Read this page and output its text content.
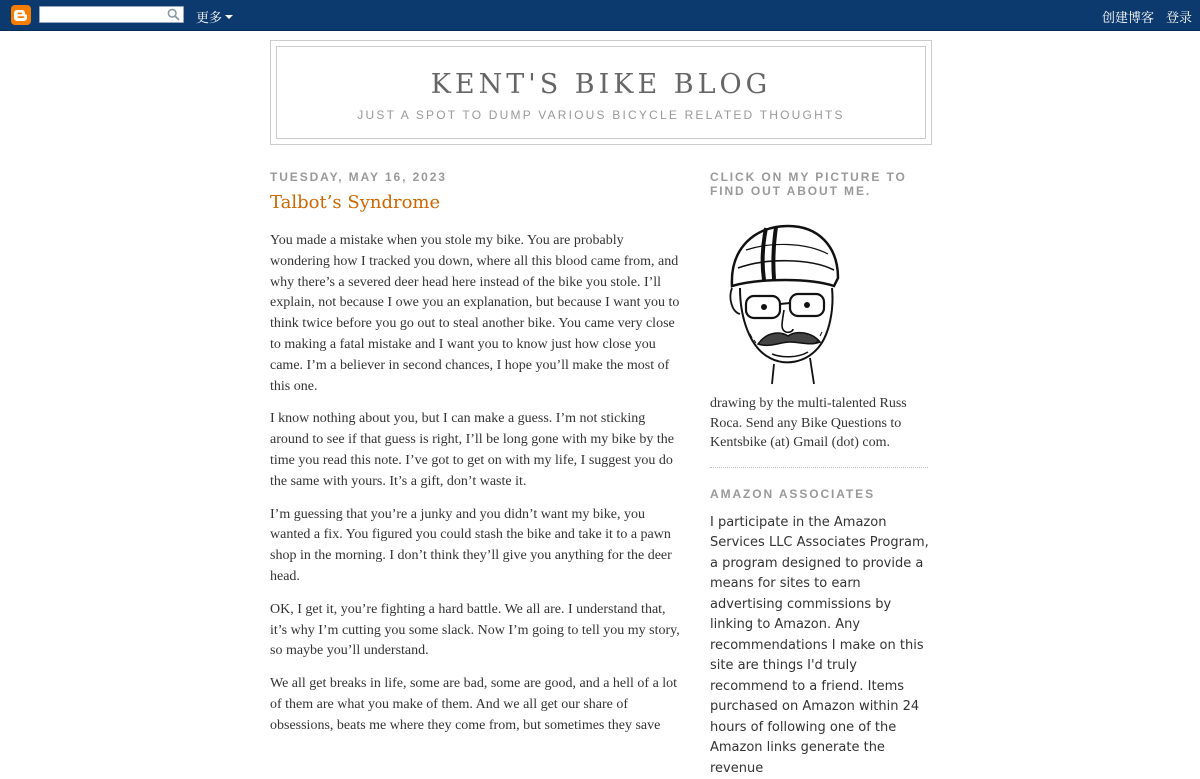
更多	创建博客 登录
KENT'S BIKE BLOG
JUST A SPOT TO DUMP VARIOUS BICYCLE RELATED THOUGHTS
TUESDAY, MAY 16, 2023
Talbot’s Syndrome

You made a mistake when you stole my bike. You are probably wondering how I tracked you down, where all this blood came from, and why there’s a severed deer head here instead of the bike you stole. I’ll explain, not because I owe you an explanation, but because I want you to think twice before you go out to steal another bike. You came very close to making a fatal mistake and I want you to know just how close you came. I’m a believer in second chances, I hope you’ll make the most of this one.

I know nothing about you, but I can make a guess. I’m not sticking around to see if that guess is right, I’ll be long gone with my bike by the time you read this note. I’ve got to get on with my life, I suggest you do the same with yours. It’s a gift, don’t waste it.

I’m guessing that you’re a junky and you didn’t want my bike, you wanted a fix. You figured you could stash the bike and take it to a pawn shop in the morning. I don’t think they’ll give you anything for the deer head.

OK, I get it, you’re fighting a hard battle. We all are. I understand that, it’s why I’m cutting you some slack. Now I’m going to tell you my story, so maybe you’ll understand.

We all get breaks in life, some are bad, some are good, and a hell of a lot of them are what you make of them. And we all get our share of obsessions, beats me where they come from, but sometimes they save

CLICK ON MY PICTURE TO FIND OUT ABOUT ME.
drawing by the multi-talented Russ Roca. Send any Bike Questions to Kentsbike (at) Gmail (dot) com.
AMAZON ASSOCIATES
I participate in the Amazon Services LLC Associates Program, a program designed to provide a means for sites to earn advertising commissions by linking to Amazon. Any recommendations I make on this site are things I'd truly recommend to a friend. Items purchased on Amazon within 24 hours of following one of the Amazon links generate the revenue
